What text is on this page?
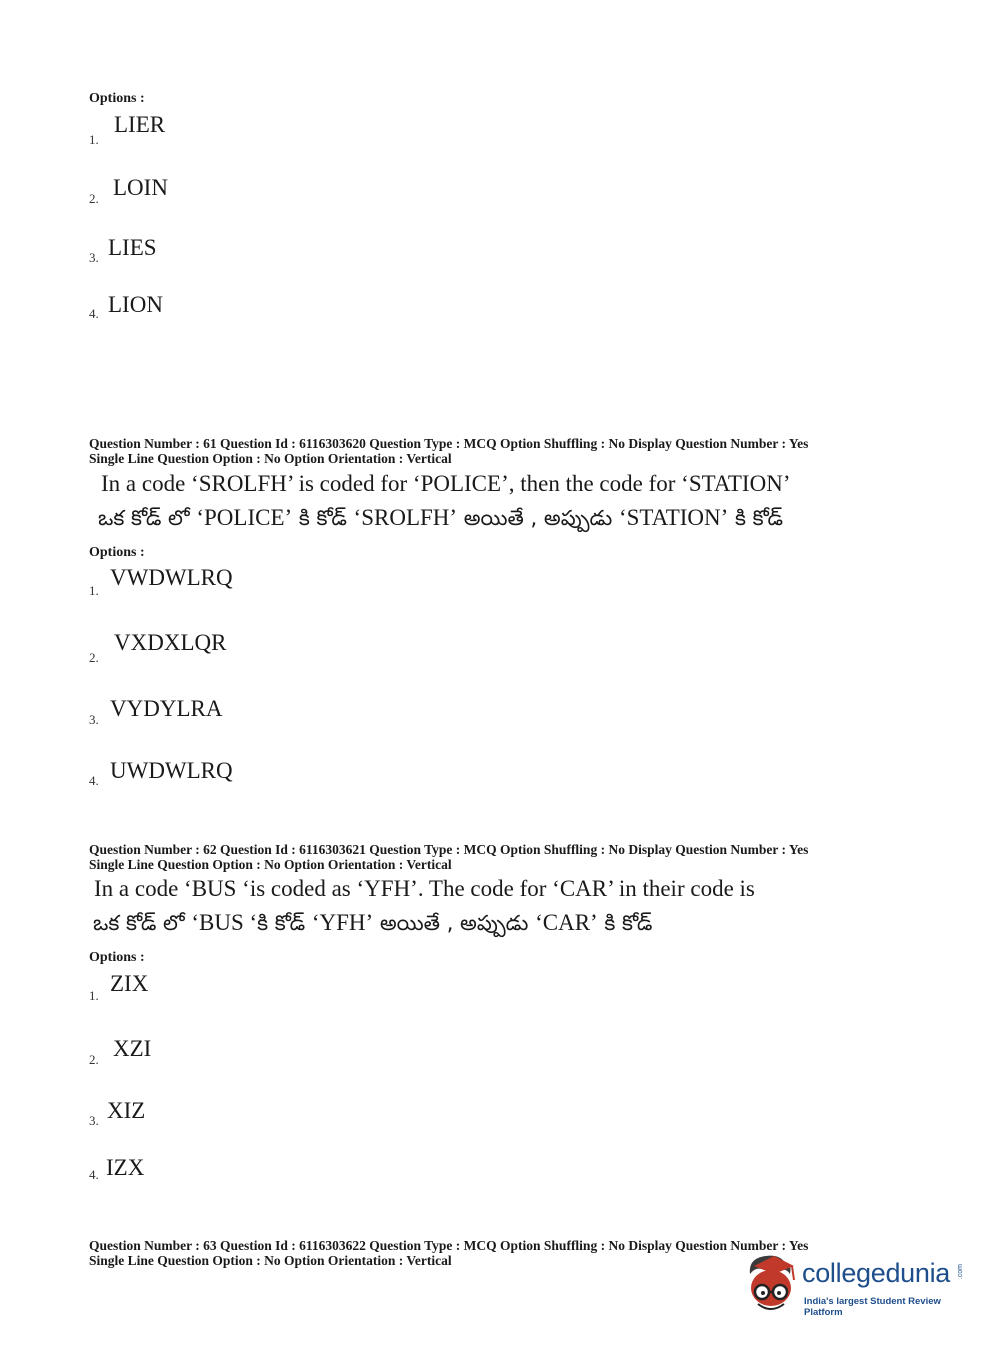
Options :
1.
LIER
2. LOIN
3. LIES
4. LION
Question Number : 61 Question Id : 6116303620 Question Type : MCQ Option Shuffling : No Display Question Number : Yes
Single Line Question Option : No Option Orientation : Vertical
In a code ‘SROLFH’ is coded for ‘POLICE’, then the code for ‘STATION’
ఒక కోడ్ లో ‘POLICE’ కి కోడ్ ‘SROLFH’ అయితే , అప్పుడు ‘STATION’ కి కోడ్
Options :
1.
VWDWLRQ
2.
VXDXLQR
3. VYDYLRA
4. UWDWLRQ
Question Number : 62 Question Id : 6116303621 Question Type : MCQ Option Shuffling : No Display Question Number : Yes
Single Line Question Option : No Option Orientation : Vertical
In a code ‘BUS ‘is coded as ‘YFH’. The code for ‘CAR’ in their code is
ఒక కోడ్ లో ‘BUS ‘కి కోడ్ ‘YFH’ అయితే , అప్పుడు ‘CAR’ కి కోడ్
Options :
1. ZIX
2. XZI
3. XIZ
4. IZX
Question Number : 63 Question Id : 6116303622 Question Type : MCQ Option Shuffling : No Display Question Number : Yes
Single Line Question Option : No Option Orientation : Vertical	collegedunia .com
India's largest Student Review Platform
